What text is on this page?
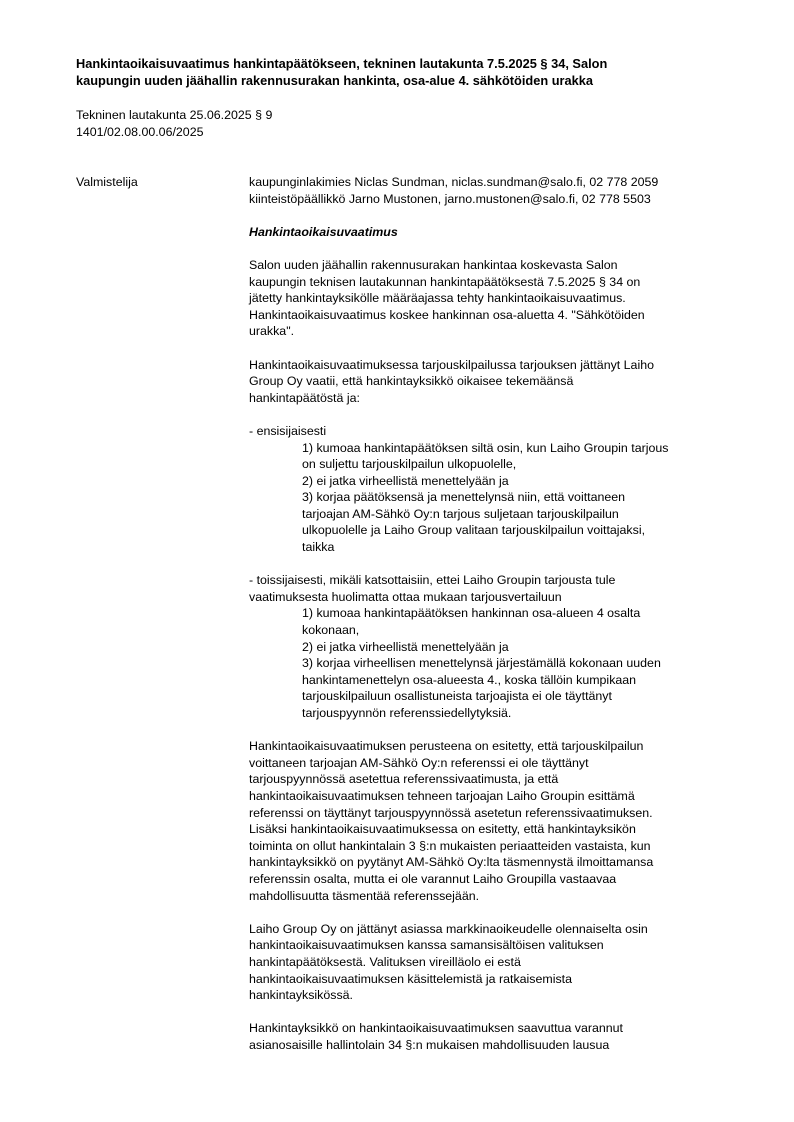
Hankintaoikaisuvaatimus hankintapäätökseen, tekninen lautakunta 7.5.2025 § 34, Salon
kaupungin uuden jäähallin rakennusurakan hankinta, osa-alue 4. sähkötöiden urakka
Tekninen lautakunta 25.06.2025 § 9
1401/02.08.00.06/2025
Valmistelija	kaupunginlakimies Niclas Sundman, niclas.sundman@salo.fi, 02 778 2059
kiinteistöpäällikkö Jarno Mustonen, jarno.mustonen@salo.fi, 02 778 5503
Hankintaoikaisuvaatimus
Salon uuden jäähallin rakennusurakan hankintaa koskevasta Salon
kaupungin teknisen lautakunnan hankintapäätöksestä 7.5.2025 § 34 on
jätetty hankintayksikölle määräajassa tehty hankintaoikaisuvaatimus.
Hankintaoikaisuvaatimus koskee hankinnan osa-aluetta 4. "Sähkötöiden
urakka".
Hankintaoikaisuvaatimuksessa tarjouskilpailussa tarjouksen jättänyt Laiho
Group Oy vaatii, että hankintayksikkö oikaisee tekemäänsä
hankintapäätöstä ja:
- ensisijaisesti
1) kumoaa hankintapäätöksen siltä osin, kun Laiho Groupin tarjous
on suljettu tarjouskilpailun ulkopuolelle,
2) ei jatka virheellistä menettelyään ja
3) korjaa päätöksensä ja menettelynsä niin, että voittaneen
tarjoajan AM-Sähkö Oy:n tarjous suljetaan tarjouskilpailun
ulkopuolelle ja Laiho Group valitaan tarjouskilpailun voittajaksi,
taikka
- toissijaisesti, mikäli katsottaisiin, ettei Laiho Groupin tarjousta tule
vaatimuksesta huolimatta ottaa mukaan tarjousvertailuun
1) kumoaa hankintapäätöksen hankinnan osa-alueen 4 osalta
kokonaan,
2) ei jatka virheellistä menettelyään ja
3) korjaa virheellisen menettelynsä järjestämällä kokonaan uuden
hankintamenettelyn osa-alueesta 4., koska tällöin kumpikaan
tarjouskilpailuun osallistuneista tarjoajista ei ole täyttänyt
tarjouspyynnön referenssiedellytyksiä.
Hankintaoikaisuvaatimuksen perusteena on esitetty, että tarjouskilpailun
voittaneen tarjoajan AM-Sähkö Oy:n referenssi ei ole täyttänyt
tarjouspyynnössä asetettua referenssivaatimusta, ja että
hankintaoikaisuvaatimuksen tehneen tarjoajan Laiho Groupin esittämä
referenssi on täyttänyt tarjouspyynnössä asetetun referenssivaatimuksen.
Lisäksi hankintaoikaisuvaatimuksessa on esitetty, että hankintayksikön
toiminta on ollut hankintalain 3 §:n mukaisten periaatteiden vastaista, kun
hankintayksikkö on pyytänyt AM-Sähkö Oy:lta täsmennystä ilmoittamansa
referenssin osalta, mutta ei ole varannut Laiho Groupilla vastaavaa
mahdollisuutta täsmentää referenssejään.
Laiho Group Oy on jättänyt asiassa markkinaoikeudelle olennaiselta osin
hankintaoikaisuvaatimuksen kanssa samansisältöisen valituksen
hankintapäätöksestä. Valituksen vireilläolo ei estä
hankintaoikaisuvaatimuksen käsittelemistä ja ratkaisemista
hankintayksikössä.
Hankintayksikkö on hankintaoikaisuvaatimuksen saavuttua varannut
asianosaisille hallintolain 34 §:n mukaisen mahdollisuuden lausua
